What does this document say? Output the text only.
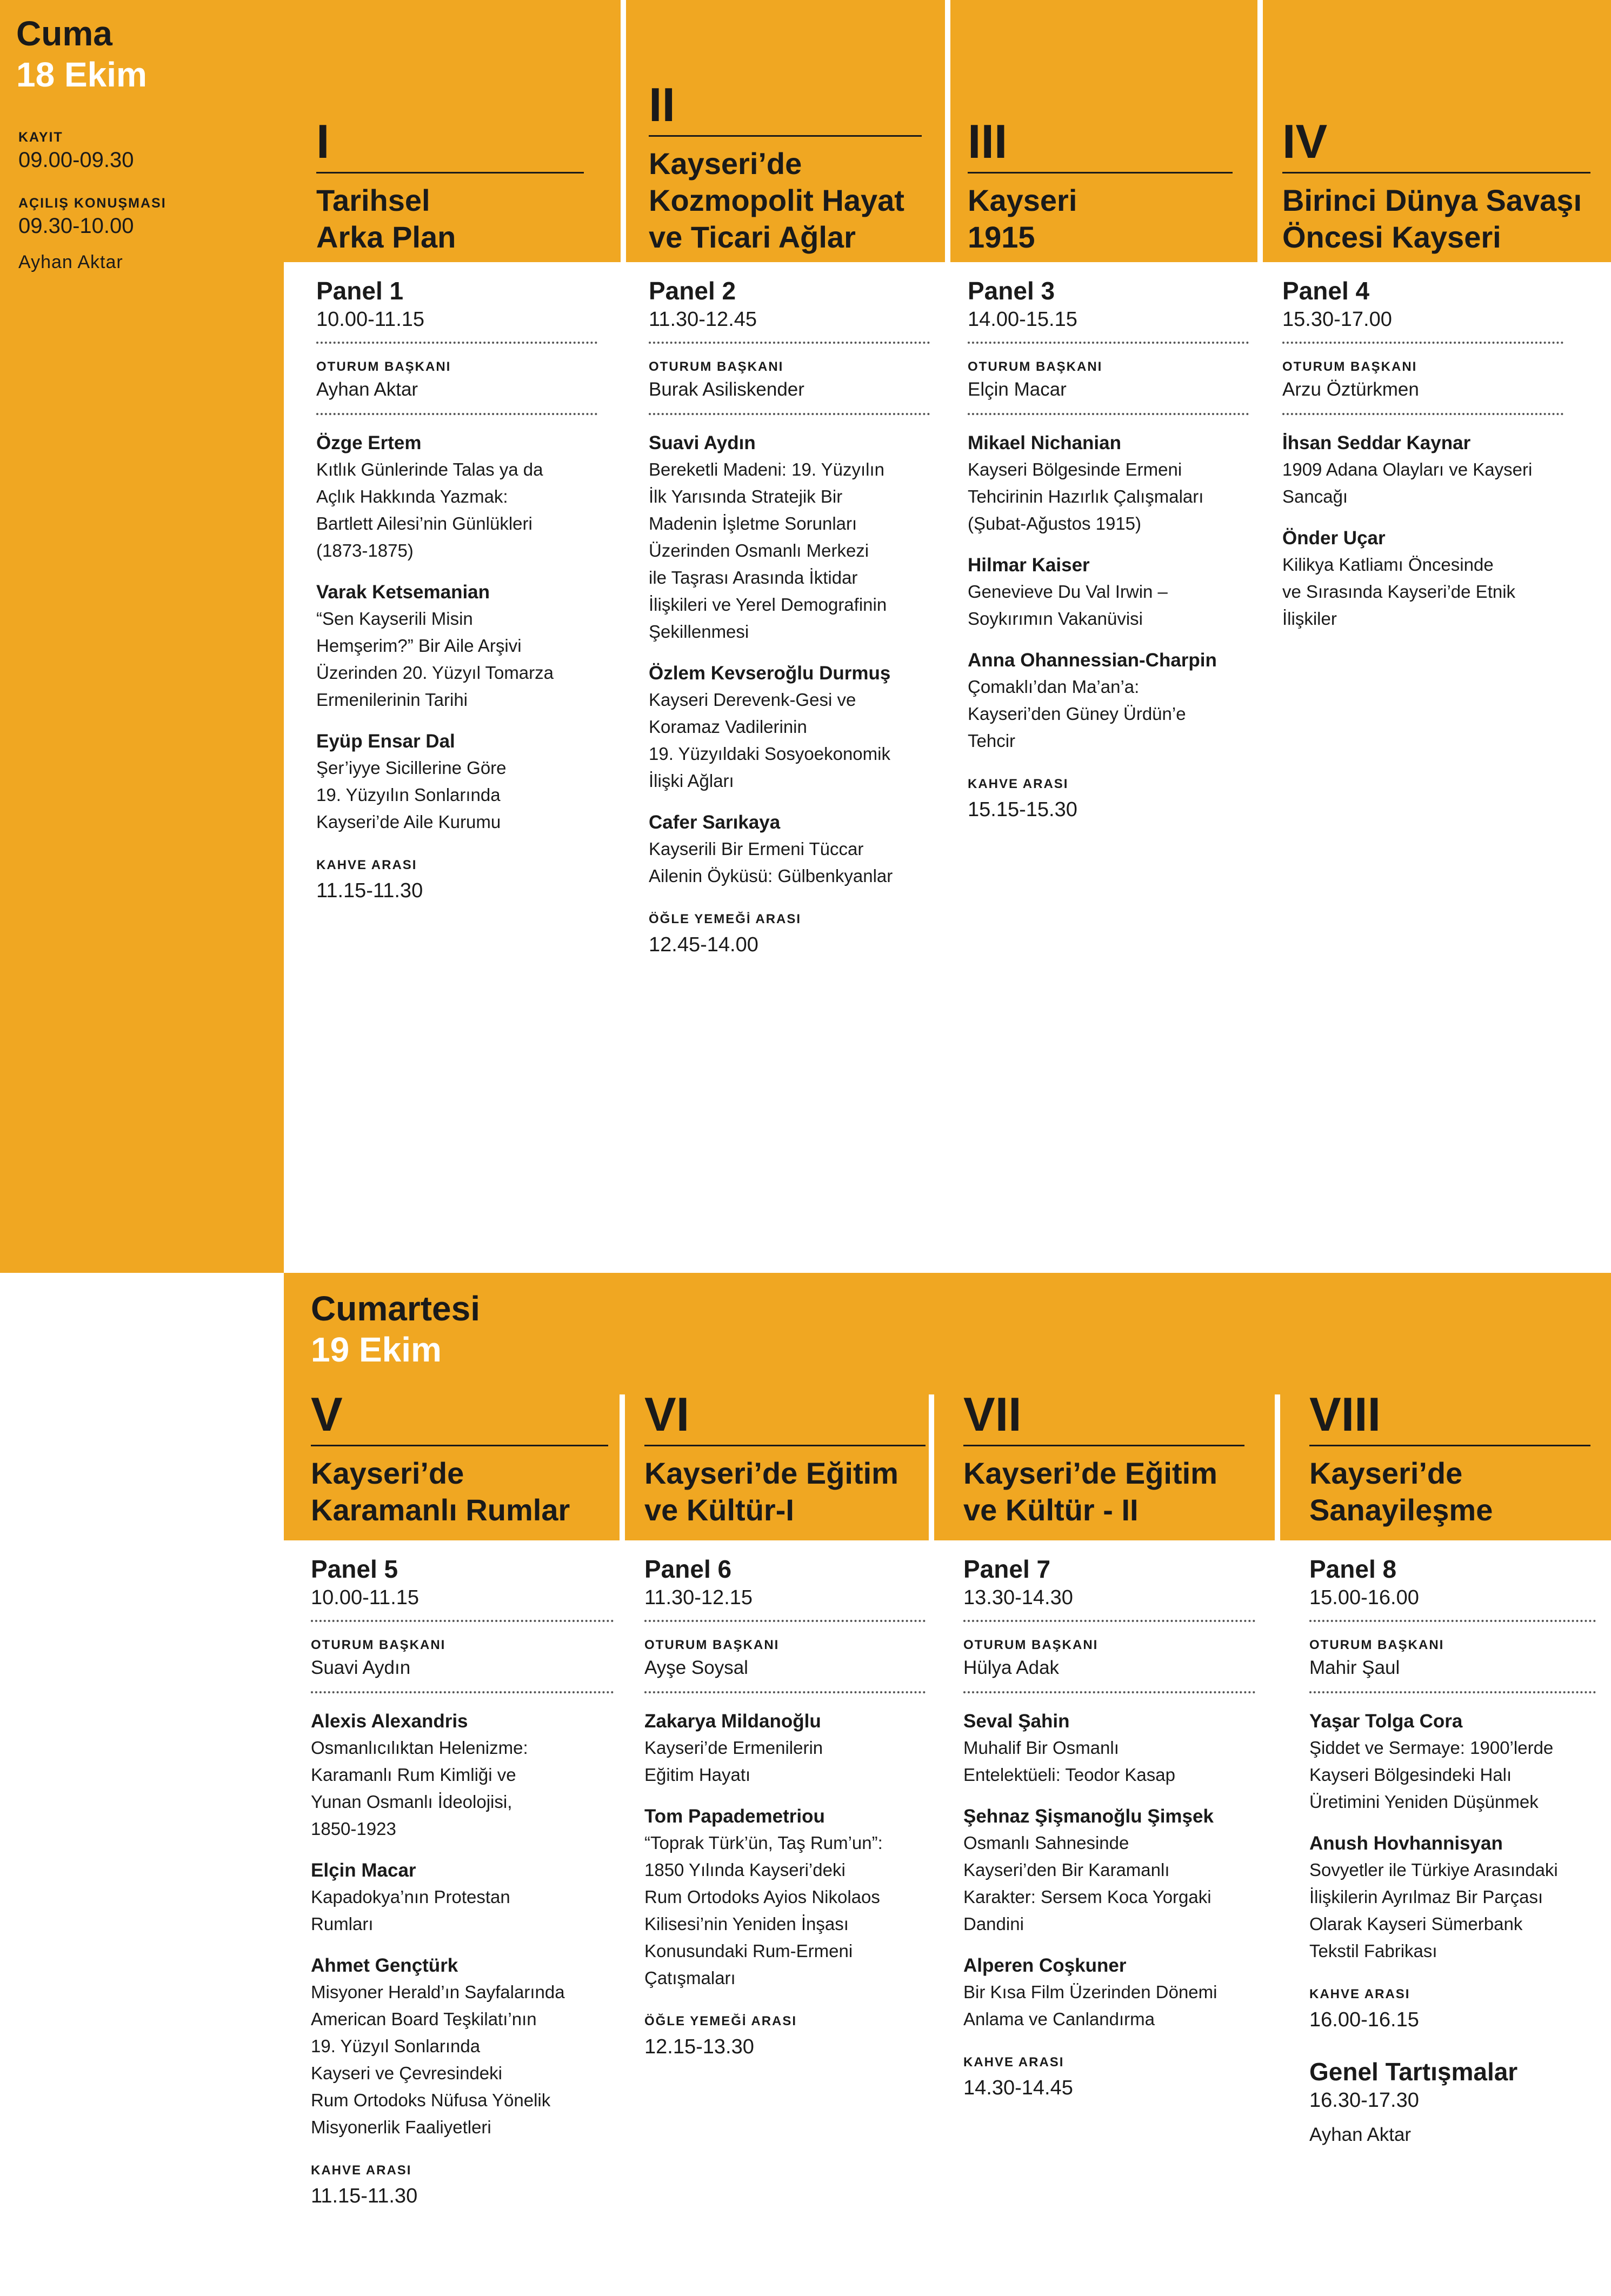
Cuma
18 Ekim

KAYIT

09.00-09.30

AÇILIŞ KONUŞMASI

09.30-10.00

Ayhan Aktar

I
Tarihsel
Arka Plan
II
Kayseri’de
Kozmopolit Hayat
ve Ticari Ağlar
III
Kayseri
1915
IV
Birinci Dünya Savaşı
Öncesi Kayseri

Panel 1

10.00-11.15

OTURUM BAŞKANI

Ayhan Aktar

Özge Ertem

Kıtlık Günlerinde Talas ya da
Açlık Hakkında Yazmak:
Bartlett Ailesi’nin Günlükleri
(1873-1875)

Varak Ketsemanian

“Sen Kayserili Misin
Hemşerim?” Bir Aile Arşivi
Üzerinden 20. Yüzyıl Tomarza
Ermenilerinin Tarihi

Eyüp Ensar Dal

Şer’iyye Sicillerine Göre
19. Yüzyılın Sonlarında
Kayseri’de Aile Kurumu

KAHVE ARASI

11.15-11.30

Panel 2

11.30-12.45

OTURUM BAŞKANI

Burak Asiliskender

Suavi Aydın

Bereketli Madeni: 19. Yüzyılın
İlk Yarısında Stratejik Bir
Madenin İşletme Sorunları
Üzerinden Osmanlı Merkezi
ile Taşrası Arasında İktidar
İlişkileri ve Yerel Demografinin
Şekillenmesi

Özlem Kevseroğlu Durmuş

Kayseri Derevenk-Gesi ve
Koramaz Vadilerinin
19. Yüzyıldaki Sosyoekonomik
İlişki Ağları

Cafer Sarıkaya

Kayserili Bir Ermeni Tüccar
Ailenin Öyküsü: Gülbenkyanlar

ÖĞLE YEMEĞİ ARASI

12.45-14.00

Panel 3

14.00-15.15

OTURUM BAŞKANI

Elçin Macar

Mikael Nichanian

Kayseri Bölgesinde Ermeni
Tehcirinin Hazırlık Çalışmaları
(Şubat-Ağustos 1915)

Hilmar Kaiser

Genevieve Du Val Irwin –
Soykırımın Vakanüvisi

Anna Ohannessian-Charpin

Çomaklı’dan Ma’an’a:
Kayseri’den Güney Ürdün’e
Tehcir

KAHVE ARASI

15.15-15.30

Panel 4

15.30-17.00

OTURUM BAŞKANI

Arzu Öztürkmen

İhsan Seddar Kaynar

1909 Adana Olayları ve Kayseri
Sancağı

Önder Uçar

Kilikya Katliamı Öncesinde
ve Sırasında Kayseri’de Etnik
İlişkiler

Cumartesi
19 Ekim
V
Kayseri’de
Karamanlı Rumlar
VI
Kayseri’de Eğitim
ve Kültür-I
VII
Kayseri’de Eğitim
ve Kültür - II
VIII
Kayseri’de
Sanayileşme

Panel 5

10.00-11.15

OTURUM BAŞKANI

Suavi Aydın

Alexis Alexandris

Osmanlıcılıktan Helenizme:
Karamanlı Rum Kimliği ve
Yunan Osmanlı İdeolojisi,
1850-1923

Elçin Macar

Kapadokya’nın Protestan
Rumları

Ahmet Gençtürk

Misyoner Herald’ın Sayfalarında
American Board Teşkilatı’nın
19. Yüzyıl Sonlarında
Kayseri ve Çevresindeki
Rum Ortodoks Nüfusa Yönelik
Misyonerlik Faaliyetleri

KAHVE ARASI

11.15-11.30

Panel 6

11.30-12.15

OTURUM BAŞKANI

Ayşe Soysal

Zakarya Mildanoğlu

Kayseri’de Ermenilerin
Eğitim Hayatı

Tom Papademetriou

“Toprak Türk’ün, Taş Rum’un”:
1850 Yılında Kayseri’deki
Rum Ortodoks Ayios Nikolaos
Kilisesi’nin Yeniden İnşası
Konusundaki Rum-Ermeni
Çatışmaları

ÖĞLE YEMEĞİ ARASI

12.15-13.30

Panel 7

13.30-14.30

OTURUM BAŞKANI

Hülya Adak

Seval Şahin

Muhalif Bir Osmanlı
Entelektüeli: Teodor Kasap

Şehnaz Şişmanoğlu Şimşek

Osmanlı Sahnesinde
Kayseri’den Bir Karamanlı
Karakter: Sersem Koca Yorgaki
Dandini

Alperen Coşkuner

Bir Kısa Film Üzerinden Dönemi
Anlama ve Canlandırma

KAHVE ARASI

14.30-14.45

Panel 8

15.00-16.00

OTURUM BAŞKANI

Mahir Şaul

Yaşar Tolga Cora

Şiddet ve Sermaye: 1900’lerde
Kayseri Bölgesindeki Halı
Üretimini Yeniden Düşünmek

Anush Hovhannisyan

Sovyetler ile Türkiye Arasındaki
İlişkilerin Ayrılmaz Bir Parçası
Olarak Kayseri Sümerbank
Tekstil Fabrikası

KAHVE ARASI

16.00-16.15

Genel Tartışmalar

16.30-17.30

Ayhan Aktar
